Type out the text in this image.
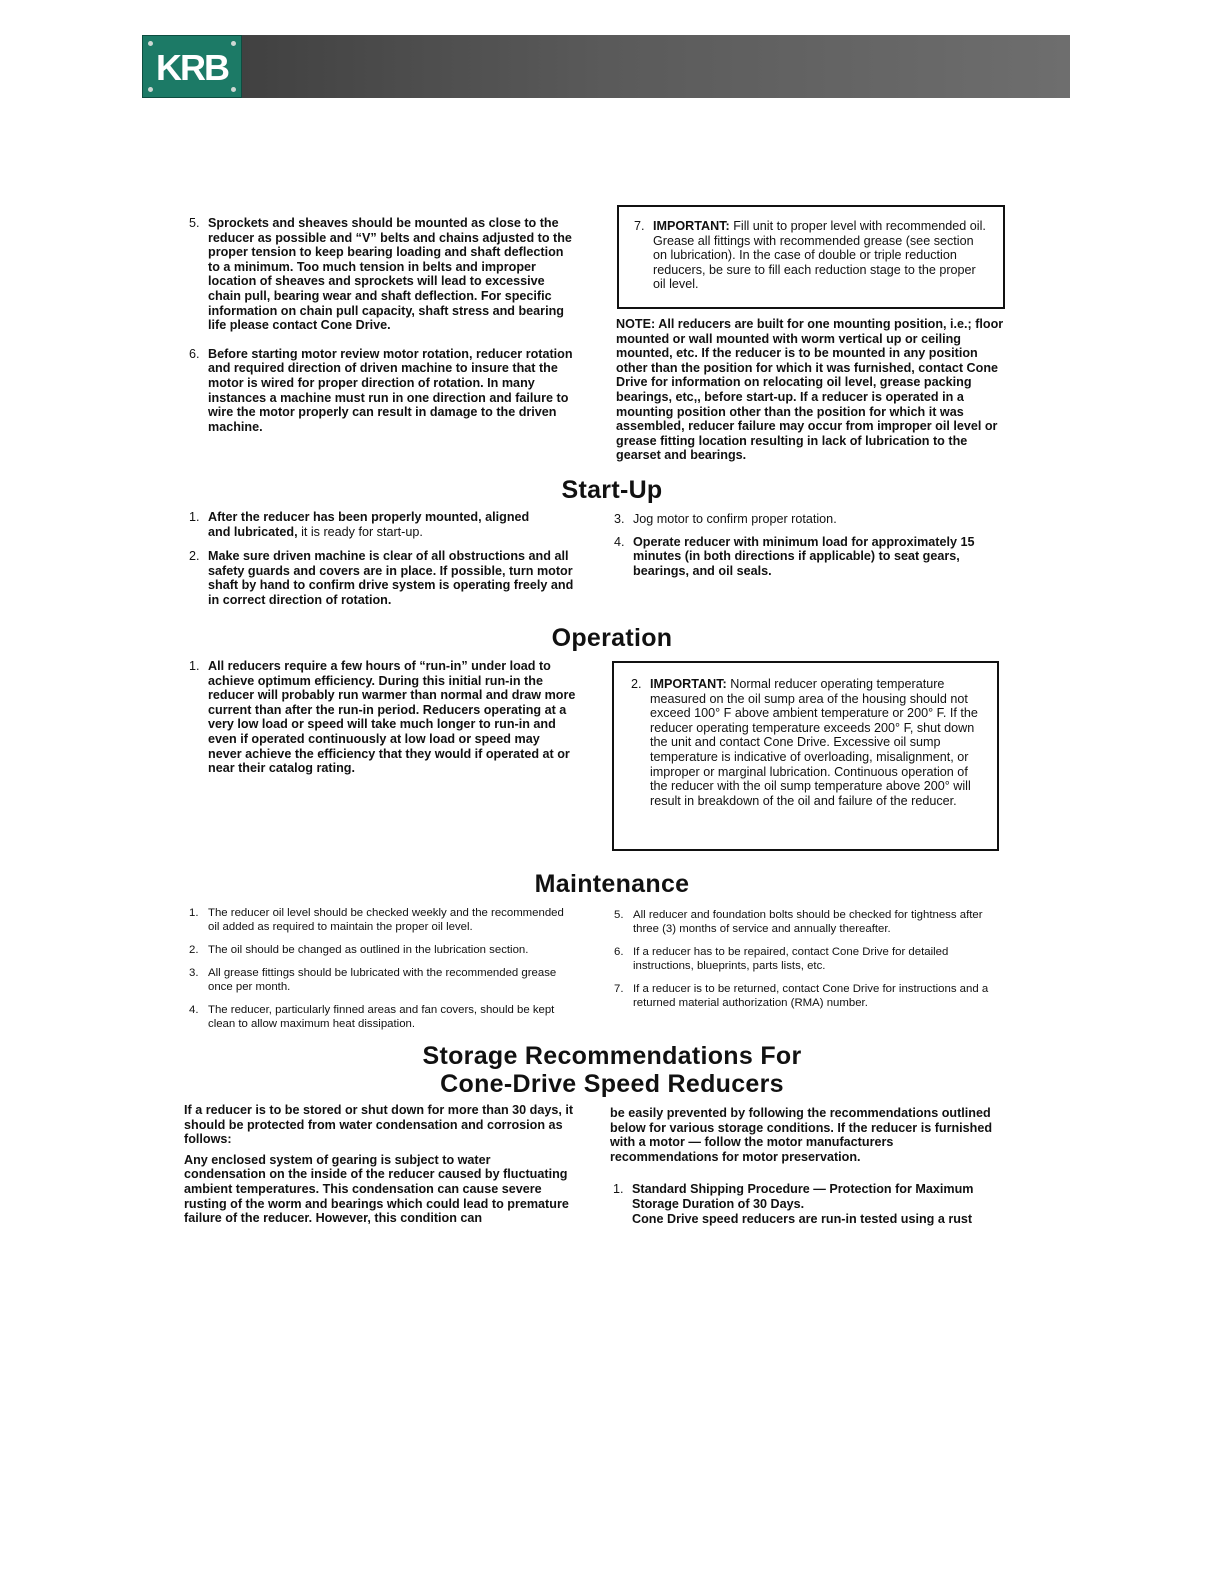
KRB
5. Sprockets and sheaves should be mounted as close to the reducer as possible and “V” belts and chains adjusted to the proper tension to keep bearing loading and shaft deflection to a minimum. Too much tension in belts and improper location of sheaves and sprockets will lead to excessive chain pull, bearing wear and shaft deflection. For specific information on chain pull capacity, shaft stress and bearing life please contact Cone Drive.
6. Before starting motor review motor rotation, reducer rotation and required direction of driven machine to insure that the motor is wired for proper direction of rotation. In many instances a machine must run in one direction and failure to wire the motor properly can result in damage to the driven machine.
7. IMPORTANT: Fill unit to proper level with recommended oil. Grease all fittings with recommended grease (see section on lubrication). In the case of double or triple reduction reducers, be sure to fill each reduction stage to the proper oil level.

NOTE: All reducers are built for one mounting position, i.e.; floor mounted or wall mounted with worm vertical up or ceiling mounted, etc. If the reducer is to be mounted in any position other than the position for which it was furnished, contact Cone Drive for information on relocating oil level, grease packing bearings, etc,, before start-up. If a reducer is operated in a mounting position other than the position for which it was assembled, reducer failure may occur from improper oil level or grease fitting location resulting in lack of lubrication to the gearset and bearings.

Start-Up
1. After the reducer has been properly mounted, aligned
and lubricated, it is ready for start-up.
2. Make sure driven machine is clear of all obstructions and all safety guards and covers are in place. If possible, turn motor shaft by hand to confirm drive system is operating freely and in correct direction of rotation.
3. Jog motor to confirm proper rotation.
4. Operate reducer with minimum load for approximately 15 minutes (in both directions if applicable) to seat gears, bearings, and oil seals.
Operation
1. All reducers require a few hours of “run-in” under load to achieve optimum efficiency. During this initial run-in the reducer will probably run warmer than normal and draw more current than after the run-in period. Reducers operating at a very low load or speed will take much longer to run-in and even if operated continuously at low load or speed may never achieve the efficiency that they would if operated at or near their catalog rating.
2. IMPORTANT: Normal reducer operating temperature measured on the oil sump area of the housing should not exceed 100° F above ambient temperature or 200° F. If the reducer operating temperature exceeds 200° F, shut down the unit and contact Cone Drive. Excessive oil sump temperature is indicative of overloading, misalignment, or improper or marginal lubrication. Continuous operation of the reducer with the oil sump temperature above 200° will result in breakdown of the oil and failure of the reducer.
Maintenance
1. The reducer oil level should be checked weekly and the recommended oil added as required to maintain the proper oil level.
2. The oil should be changed as outlined in the lubrication section.
3. All grease fittings should be lubricated with the recommended grease once per month.
4. The reducer, particularly finned areas and fan covers, should be kept clean to allow maximum heat dissipation.
5. All reducer and foundation bolts should be checked for tightness after three (3) months of service and annually thereafter.
6. If a reducer has to be repaired, contact Cone Drive for detailed instructions, blueprints, parts lists, etc.
7. If a reducer is to be returned, contact Cone Drive for instructions and a returned material authorization (RMA) number.
Storage Recommendations For
Cone-Drive Speed Reducers

If a reducer is to be stored or shut down for more than 30 days, it should be protected from water condensation and corrosion as follows:

Any enclosed system of gearing is subject to water condensation on the inside of the reducer caused by fluctuating ambient temperatures. This condensation can cause severe rusting of the worm and bearings which could lead to premature failure of the reducer. However, this condition can

be easily prevented by following the recommendations outlined below for various storage conditions. If the reducer is furnished with a motor — follow the motor manufacturers recommendations for motor preservation.

1. Standard Shipping Procedure — Protection for Maximum Storage Duration of 30 Days.
Cone Drive speed reducers are run-in tested using a rust
